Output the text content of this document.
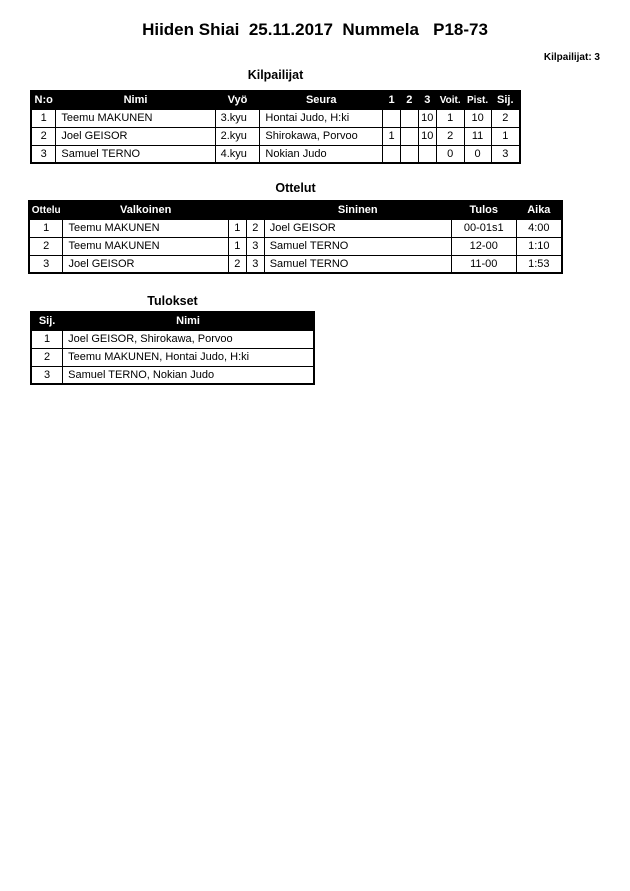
Hiiden Shiai  25.11.2017  Nummela   P18-73
Kilpailijat: 3
Kilpailijat
N:o	Nimi	Vyö	Seura	1	2	3	Voit.	Pist.	Sij.
1	Teemu MAKUNEN	3.kyu	Hontai Judo, H:ki			10	1	10	2
2	Joel GEISOR	2.kyu	Shirokawa, Porvoo	1		10	2	11	1
3	Samuel TERNO	4.kyu	Nokian Judo				0	0	3
Ottelut
Ottelu	Valkoinen			Sininen	Tulos	Aika
1	Teemu MAKUNEN	1	2	Joel GEISOR	00-01s1	4:00
2	Teemu MAKUNEN	1	3	Samuel TERNO	12-00	1:10
3	Joel GEISOR	2	3	Samuel TERNO	11-00	1:53
Tulokset
Sij.	Nimi
1	Joel GEISOR, Shirokawa, Porvoo
2	Teemu MAKUNEN, Hontai Judo, H:ki
3	Samuel TERNO, Nokian Judo
